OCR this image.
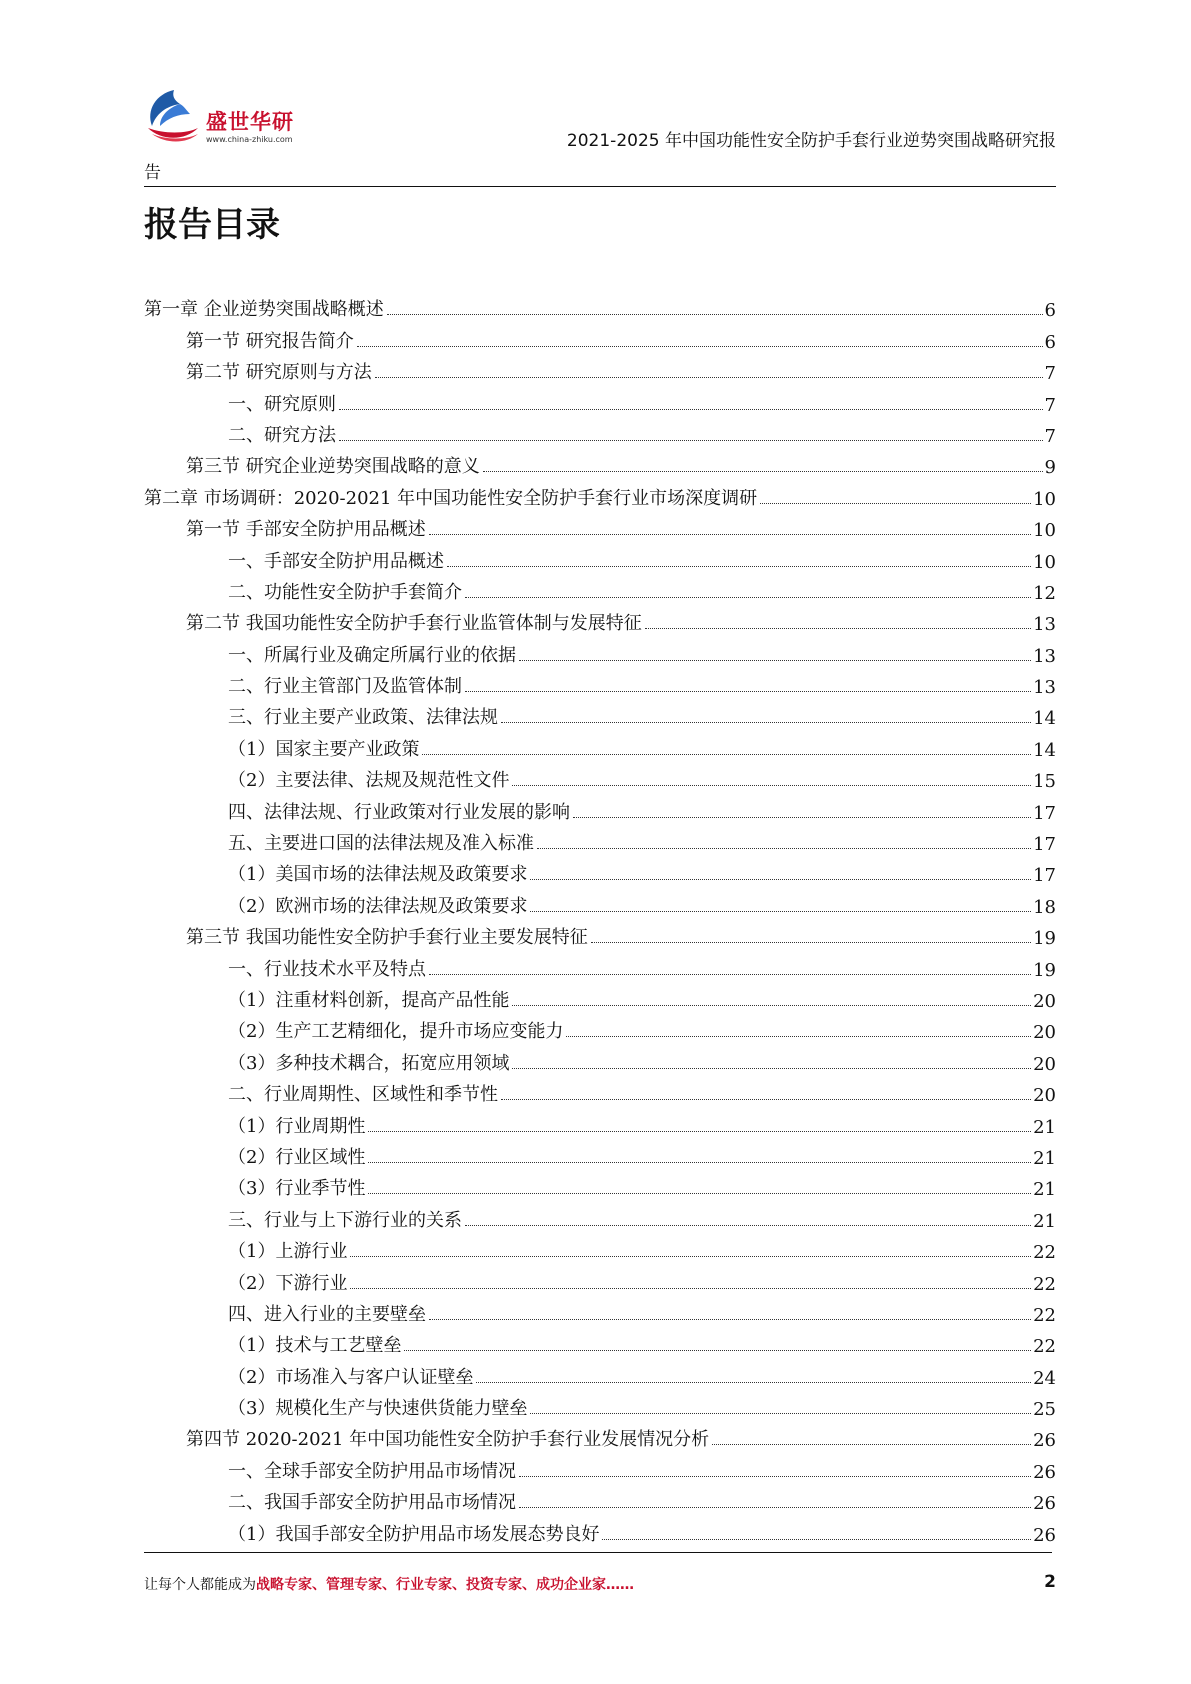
盛世华研
www.china-zhiku.com	2021-2025 年中国功能性安全防护手套行业逆势突围战略研究报
告
报告目录
第一章 企业逆势突围战略概述	6
第一节 研究报告简介	6
第二节 研究原则与方法	7
一、研究原则	7
二、研究方法	7
第三节 研究企业逆势突围战略的意义	9
第二章 市场调研：2020-2021 年中国功能性安全防护手套行业市场深度调研	10
第一节 手部安全防护用品概述	10
一、手部安全防护用品概述	10
二、功能性安全防护手套简介	12
第二节 我国功能性安全防护手套行业监管体制与发展特征	13
一、所属行业及确定所属行业的依据	13
二、行业主管部门及监管体制	13
三、行业主要产业政策、法律法规	14
（1）国家主要产业政策	14
（2）主要法律、法规及规范性文件	15
四、法律法规、行业政策对行业发展的影响	17
五、主要进口国的法律法规及准入标准	17
（1）美国市场的法律法规及政策要求	17
（2）欧洲市场的法律法规及政策要求	18
第三节 我国功能性安全防护手套行业主要发展特征	19
一、行业技术水平及特点	19
（1）注重材料创新，提高产品性能	20
（2）生产工艺精细化，提升市场应变能力	20
（3）多种技术耦合，拓宽应用领域	20
二、行业周期性、区域性和季节性	20
（1）行业周期性	21
（2）行业区域性	21
（3）行业季节性	21
三、行业与上下游行业的关系	21
（1）上游行业	22
（2）下游行业	22
四、进入行业的主要壁垒	22
（1）技术与工艺壁垒	22
（2）市场准入与客户认证壁垒	24
（3）规模化生产与快速供货能力壁垒	25
第四节 2020-2021 年中国功能性安全防护手套行业发展情况分析	26
一、全球手部安全防护用品市场情况	26
二、我国手部安全防护用品市场情况	26
（1）我国手部安全防护用品市场发展态势良好	26
让每个人都能成为战略专家、管理专家、行业专家、投资专家、成功企业家……	2
